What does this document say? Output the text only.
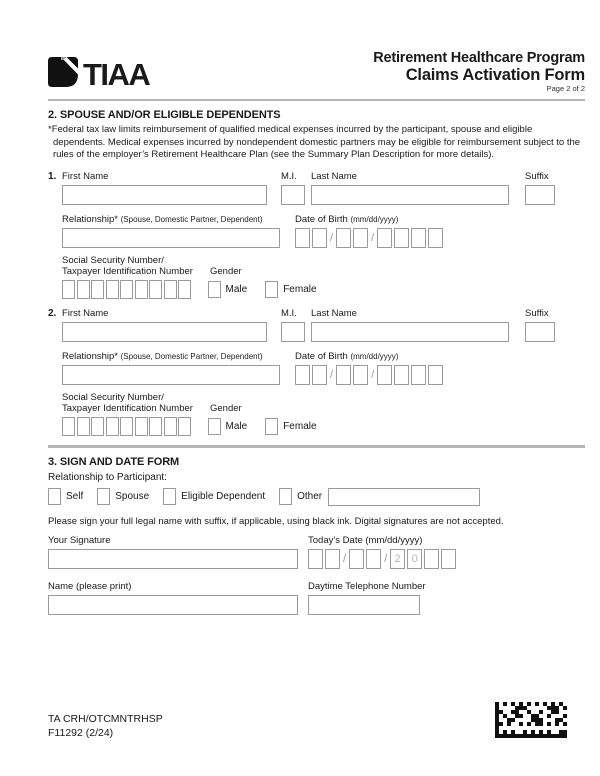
TIAA	Retirement Healthcare Program
Claims Activation Form
Page 2 of 2
2. SPOUSE AND/OR ELIGIBLE DEPENDENTS
*Federal tax law limits reimbursement of qualified medical expenses incurred by the participant, spouse and eligible dependents. Medical expenses incurred by nondependent domestic partners may be eligible for reimbursement subject to the rules of the employer’s Retirement Healthcare Plan (see the Summary Plan Description for more details).
1. First Name	M.I.	Last Name	Suffix
Relationship* (Spouse, Domestic Partner, Dependent)	Date of Birth (mm/dd/yyyy)
/	/
Social Security Number/
Taxpayer Identification Number	Gender
Male	Female
2. First Name	M.I.	Last Name	Suffix
Relationship* (Spouse, Domestic Partner, Dependent)	Date of Birth (mm/dd/yyyy)
/	/
Social Security Number/
Taxpayer Identification Number	Gender
Male	Female
3. SIGN AND DATE FORM
Relationship to Participant:
Self	Spouse	Eligible Dependent	Other
Please sign your full legal name with suffix, if applicable, using black ink. Digital signatures are not accepted.
Your Signature	Today’s Date (mm/dd/yyyy)
/	/ 2 0
Name (please print)	Daytime Telephone Number
TA CRH/OTCMNTRHSP
F11292 (2/24)
